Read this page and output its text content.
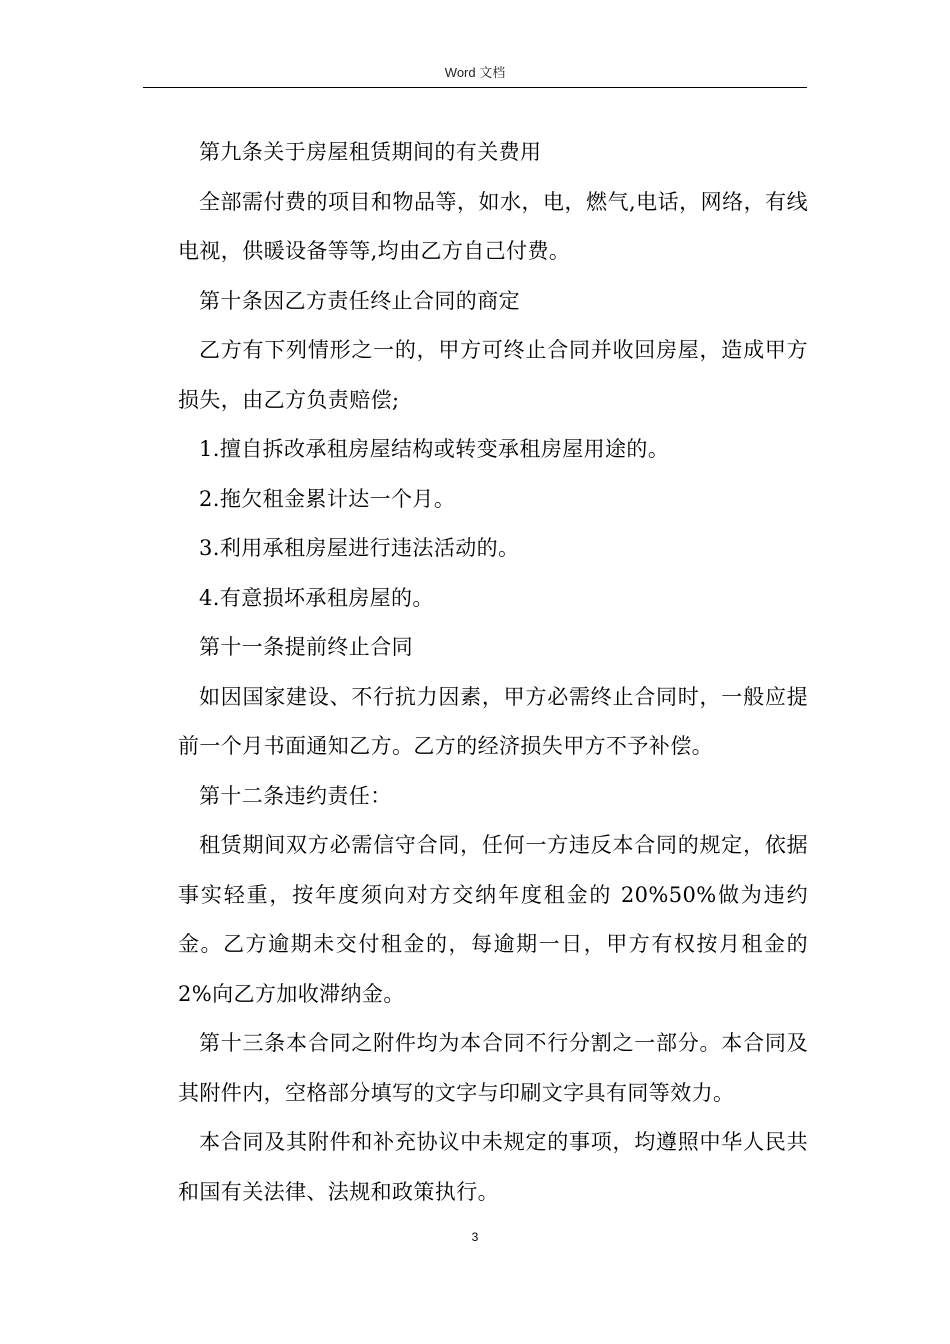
Word 文档

第九条关于房屋租赁期间的有关费用

全部需付费的项目和物品等，如水，电，燃气,电话，网络，有线电视，供暖设备等等,均由乙方自己付费。

第十条因乙方责任终止合同的商定

乙方有下列情形之一的，甲方可终止合同并收回房屋，造成甲方损失，由乙方负责赔偿;

1.擅自拆改承租房屋结构或转变承租房屋用途的。

2.拖欠租金累计达一个月。

3.利用承租房屋进行违法活动的。

4.有意损坏承租房屋的。

第十一条提前终止合同

如因国家建设、不行抗力因素，甲方必需终止合同时，一般应提前一个月书面通知乙方。乙方的经济损失甲方不予补偿。

第十二条违约责任：

租赁期间双方必需信守合同，任何一方违反本合同的规定，依据事实轻重，按年度须向对方交纳年度租金的 20%50%做为违约金。乙方逾期未交付租金的，每逾期一日，甲方有权按月租金的 2%向乙方加收滞纳金。

第十三条本合同之附件均为本合同不行分割之一部分。本合同及其附件内，空格部分填写的文字与印刷文字具有同等效力。

本合同及其附件和补充协议中未规定的事项，均遵照中华人民共和国有关法律、法规和政策执行。

3
